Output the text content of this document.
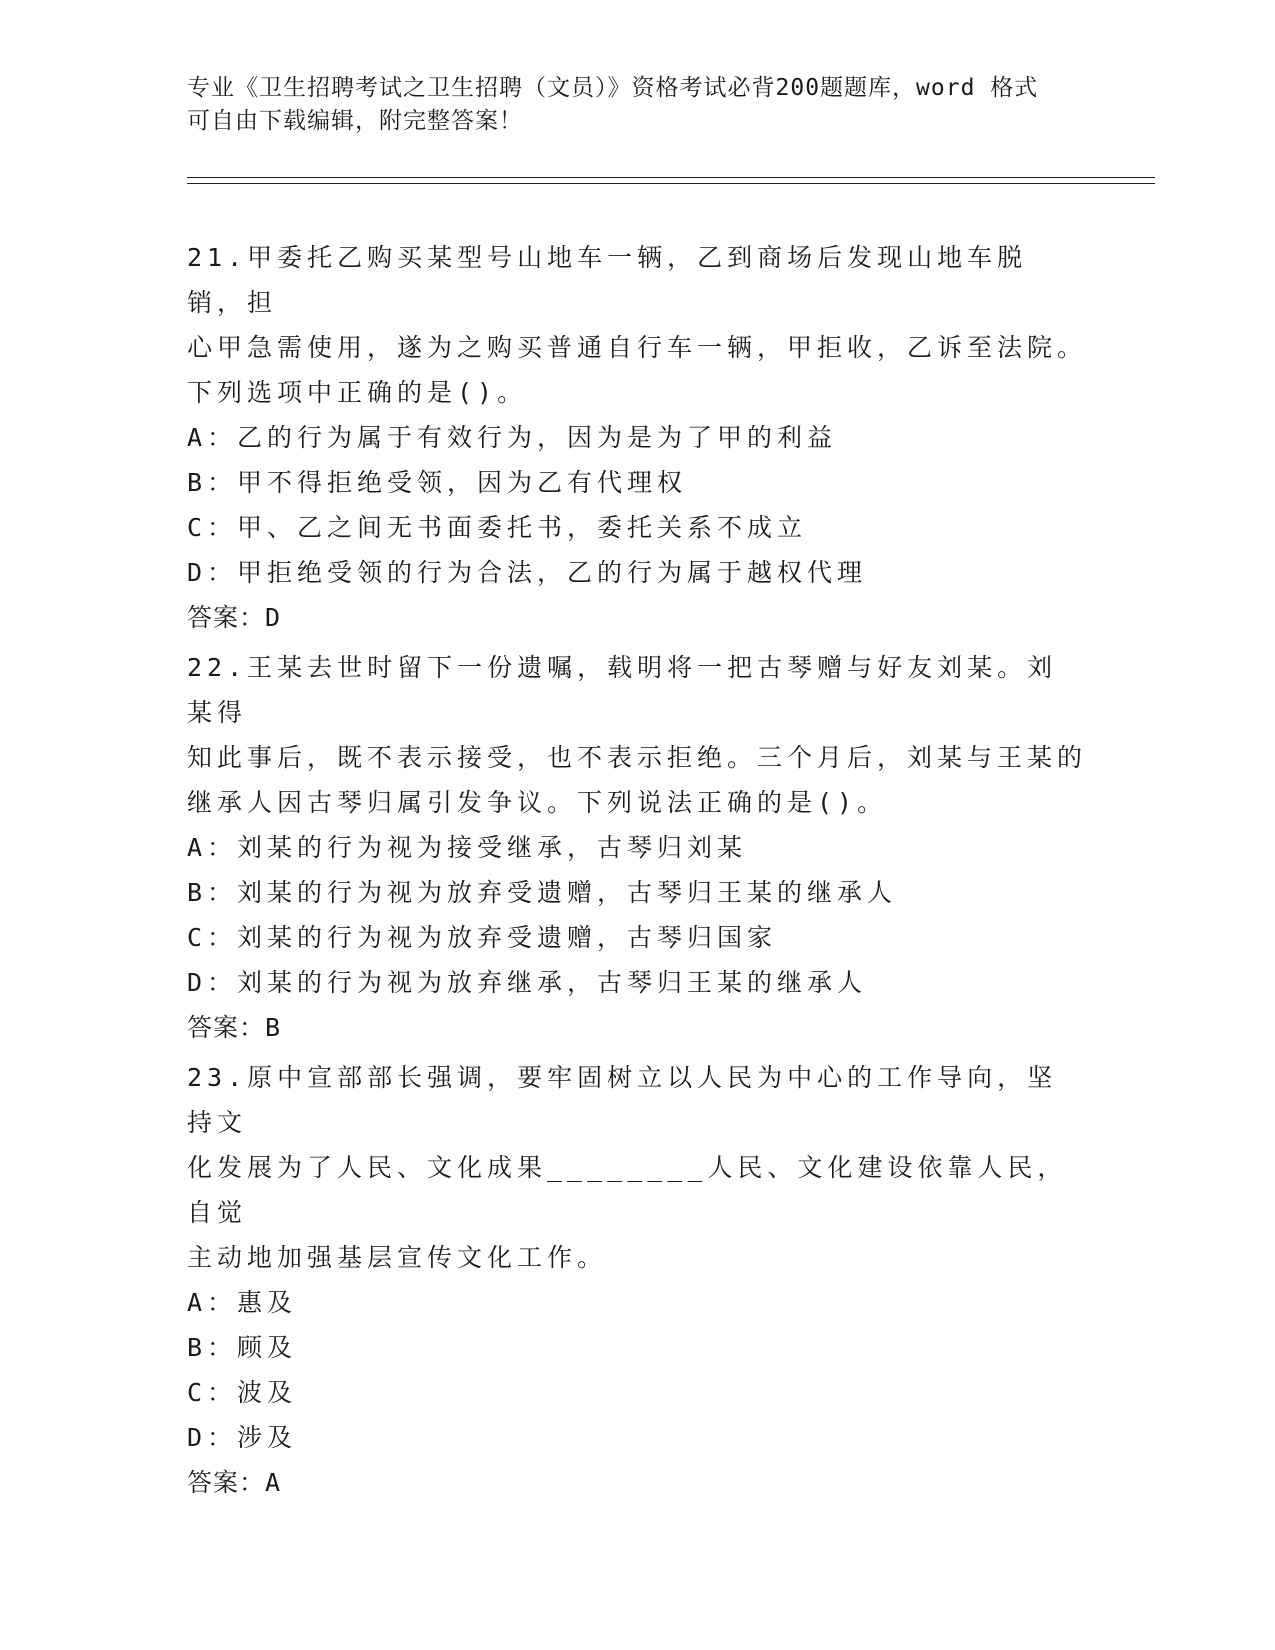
专业《卫生招聘考试之卫生招聘（文员）》资格考试必背200题题库，word 格式
可自由下载编辑，附完整答案！

21.甲委托乙购买某型号山地车一辆，乙到商场后发现山地车脱销，担

心甲急需使用，遂为之购买普通自行车一辆，甲拒收，乙诉至法院。

下列选项中正确的是()。

A：乙的行为属于有效行为，因为是为了甲的利益

B：甲不得拒绝受领，因为乙有代理权

C：甲、乙之间无书面委托书，委托关系不成立

D：甲拒绝受领的行为合法，乙的行为属于越权代理

答案：D

22.王某去世时留下一份遗嘱，载明将一把古琴赠与好友刘某。刘某得

知此事后，既不表示接受，也不表示拒绝。三个月后，刘某与王某的

继承人因古琴归属引发争议。下列说法正确的是()。

A：刘某的行为视为接受继承，古琴归刘某

B：刘某的行为视为放弃受遗赠，古琴归王某的继承人

C：刘某的行为视为放弃受遗赠，古琴归国家

D：刘某的行为视为放弃继承，古琴归王某的继承人

答案：B

23.原中宣部部长强调，要牢固树立以人民为中心的工作导向，坚持文

化发展为了人民、文化成果________人民、文化建设依靠人民，自觉

主动地加强基层宣传文化工作。

A：惠及

B：顾及

C：波及

D：涉及

答案：A
